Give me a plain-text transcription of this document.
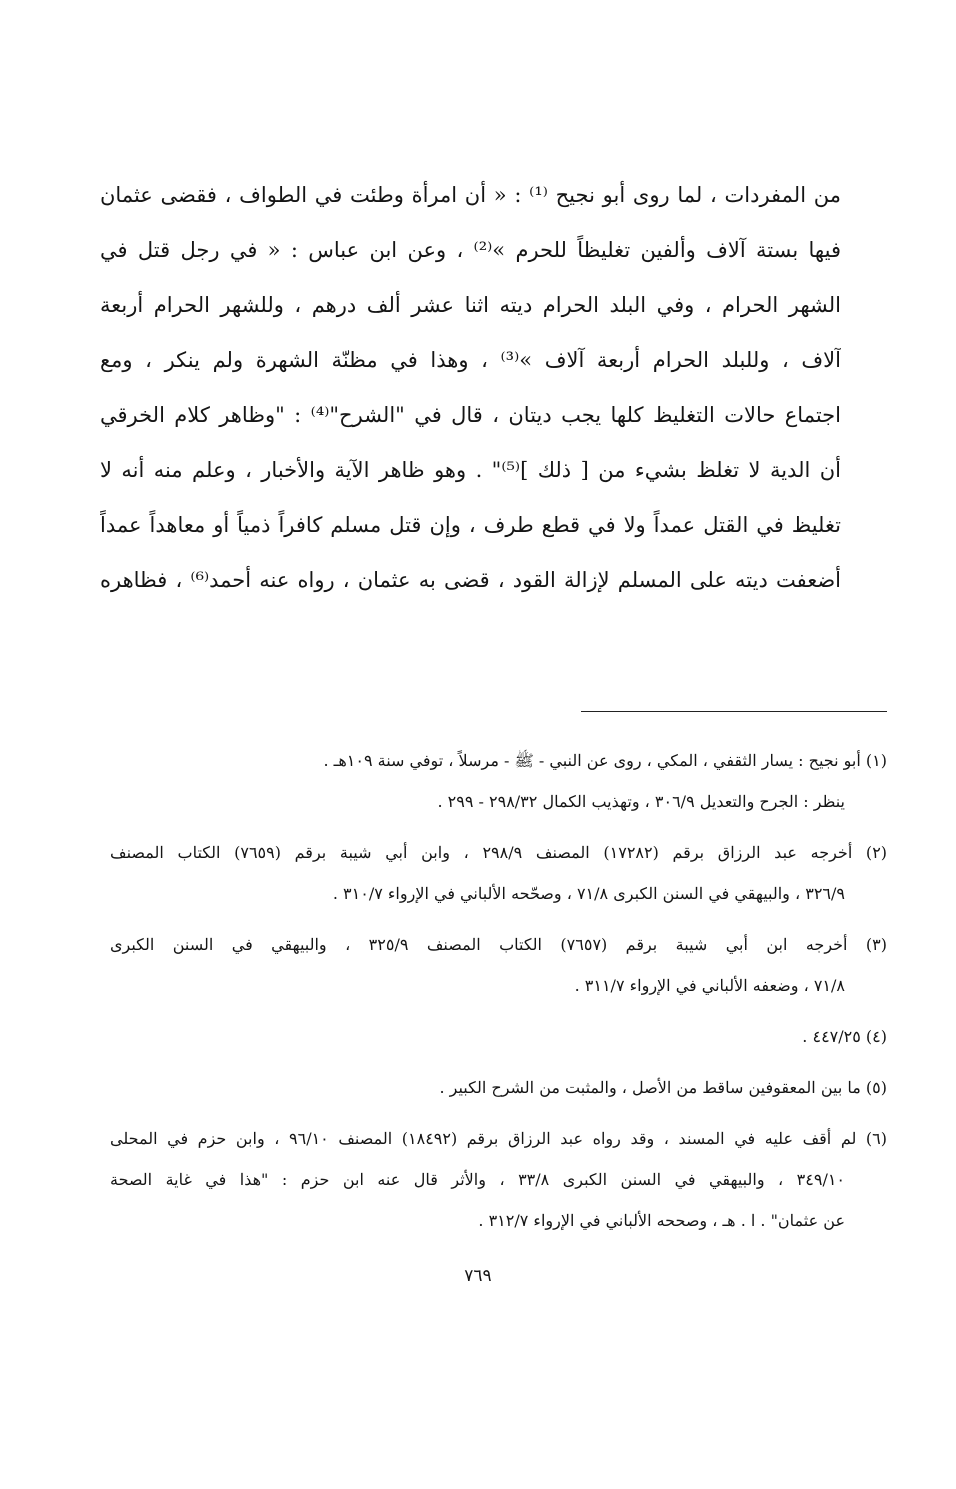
من المفردات ، لما روى أبو نجيح ⁽¹⁾ : « أن امرأة وطئت في الطواف ، فقضى عثمان
فيها بستة آلاف وألفين تغليظاً للحرم »⁽²⁾ ، وعن ابن عباس : « في رجل قتل في
الشهر الحرام ، وفي البلد الحرام ديته اثنا عشر ألف درهم ، وللشهر الحرام أربعة
آلاف ، وللبلد الحرام أربعة آلاف »⁽³⁾ ، وهذا في مظنّة الشهرة ولم ينكر ، ومع
اجتماع حالات التغليظ كلها يجب ديتان ، قال في "الشرح"⁽⁴⁾ : "وظاهر كلام الخرقي
أن الدية لا تغلظ بشيء من [ ذلك ]⁽⁵⁾" . وهو ظاهر الآية والأخبار ، وعلم منه أنه لا
تغليظ في القتل عمداً ولا في قطع طرف ، وإن قتل مسلم كافراً ذمياً أو معاهداً عمداً
أضعفت ديته على المسلم لإزالة القود ، قضى به عثمان ، رواه عنه أحمد⁽⁶⁾ ، فظاهره
(١) أبو نجيح : يسار الثقفي ، المكي ، روى عن النبي - ﷺ - مرسلاً ، توفي سنة ١٠٩هـ .
ينظر : الجرح والتعديل ٣٠٦/٩ ، وتهذيب الكمال ٢٩٨/٣٢ - ٢٩٩ .
(٢) أخرجه عبد الرزاق برقم (١٧٢٨٢) المصنف ٢٩٨/٩ ، وابن أبي شيبة برقم (٧٦٥٩) الكتاب المصنف
٣٢٦/٩ ، والبيهقي في السنن الكبرى ٧١/٨ ، وصحّحه الألباني في الإرواء ٣١٠/٧ .
(٣) أخرجه ابن أبي شيبة برقم (٧٦٥٧) الكتاب المصنف ٣٢٥/٩ ، والبيهقي في السنن الكبرى
٧١/٨ ، وضعفه الألباني في الإرواء ٣١١/٧ .
(٤) ٤٤٧/٢٥ .
(٥) ما بين المعقوفين ساقط من الأصل ، والمثبت من الشرح الكبير .
(٦) لم أقف عليه في المسند ، وقد رواه عبد الرزاق برقم (١٨٤٩٢) المصنف ٩٦/١٠ ، وابن حزم في المحلى
٣٤٩/١٠ ، والبيهقي في السنن الكبرى ٣٣/٨ ، والأثر قال عنه ابن حزم : "هذا في غاية الصحة
عن عثمان" . ا . هـ ، وصححه الألباني في الإرواء ٣١٢/٧ .
٧٦٩
